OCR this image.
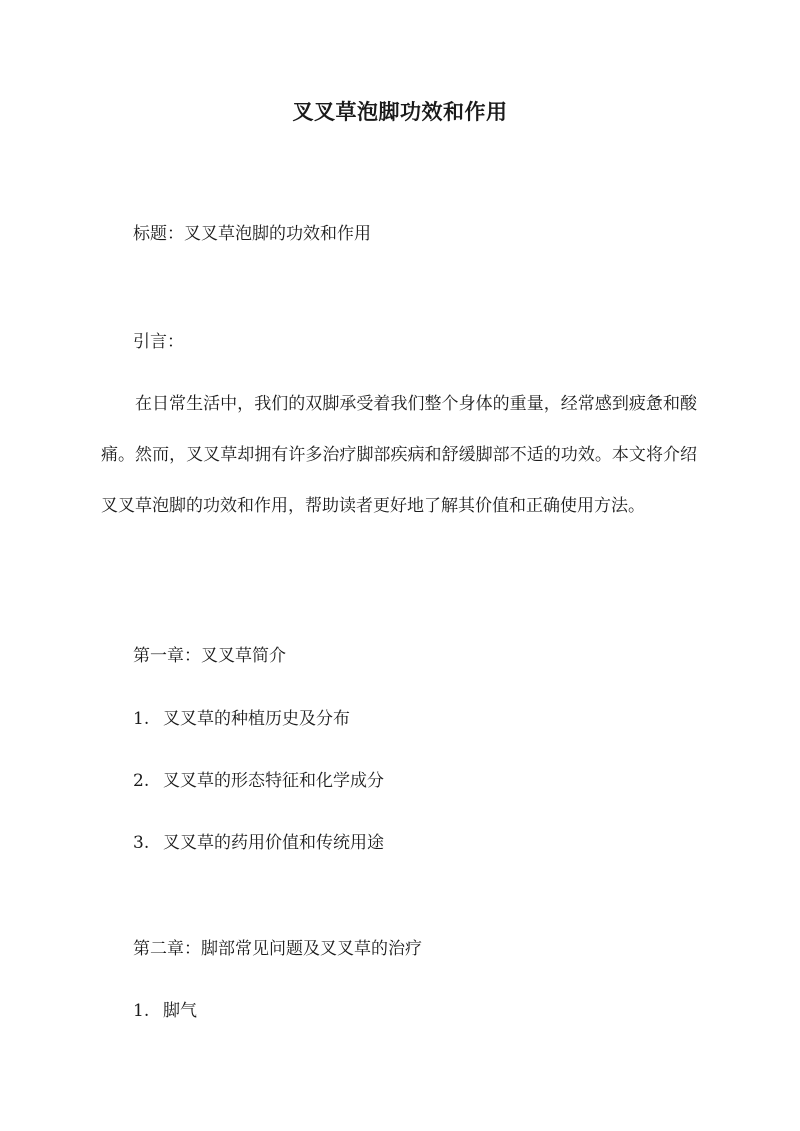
叉叉草泡脚功效和作用
标题：叉叉草泡脚的功效和作用
引言：

在日常生活中，我们的双脚承受着我们整个身体的重量，经常感到疲惫和酸痛。然而，叉叉草却拥有许多治疗脚部疾病和舒缓脚部不适的功效。本文将介绍叉叉草泡脚的功效和作用，帮助读者更好地了解其价值和正确使用方法。

第一章：叉叉草简介
1. 叉叉草的种植历史及分布
2. 叉叉草的形态特征和化学成分
3. 叉叉草的药用价值和传统用途
第二章：脚部常见问题及叉叉草的治疗
1. 脚气
